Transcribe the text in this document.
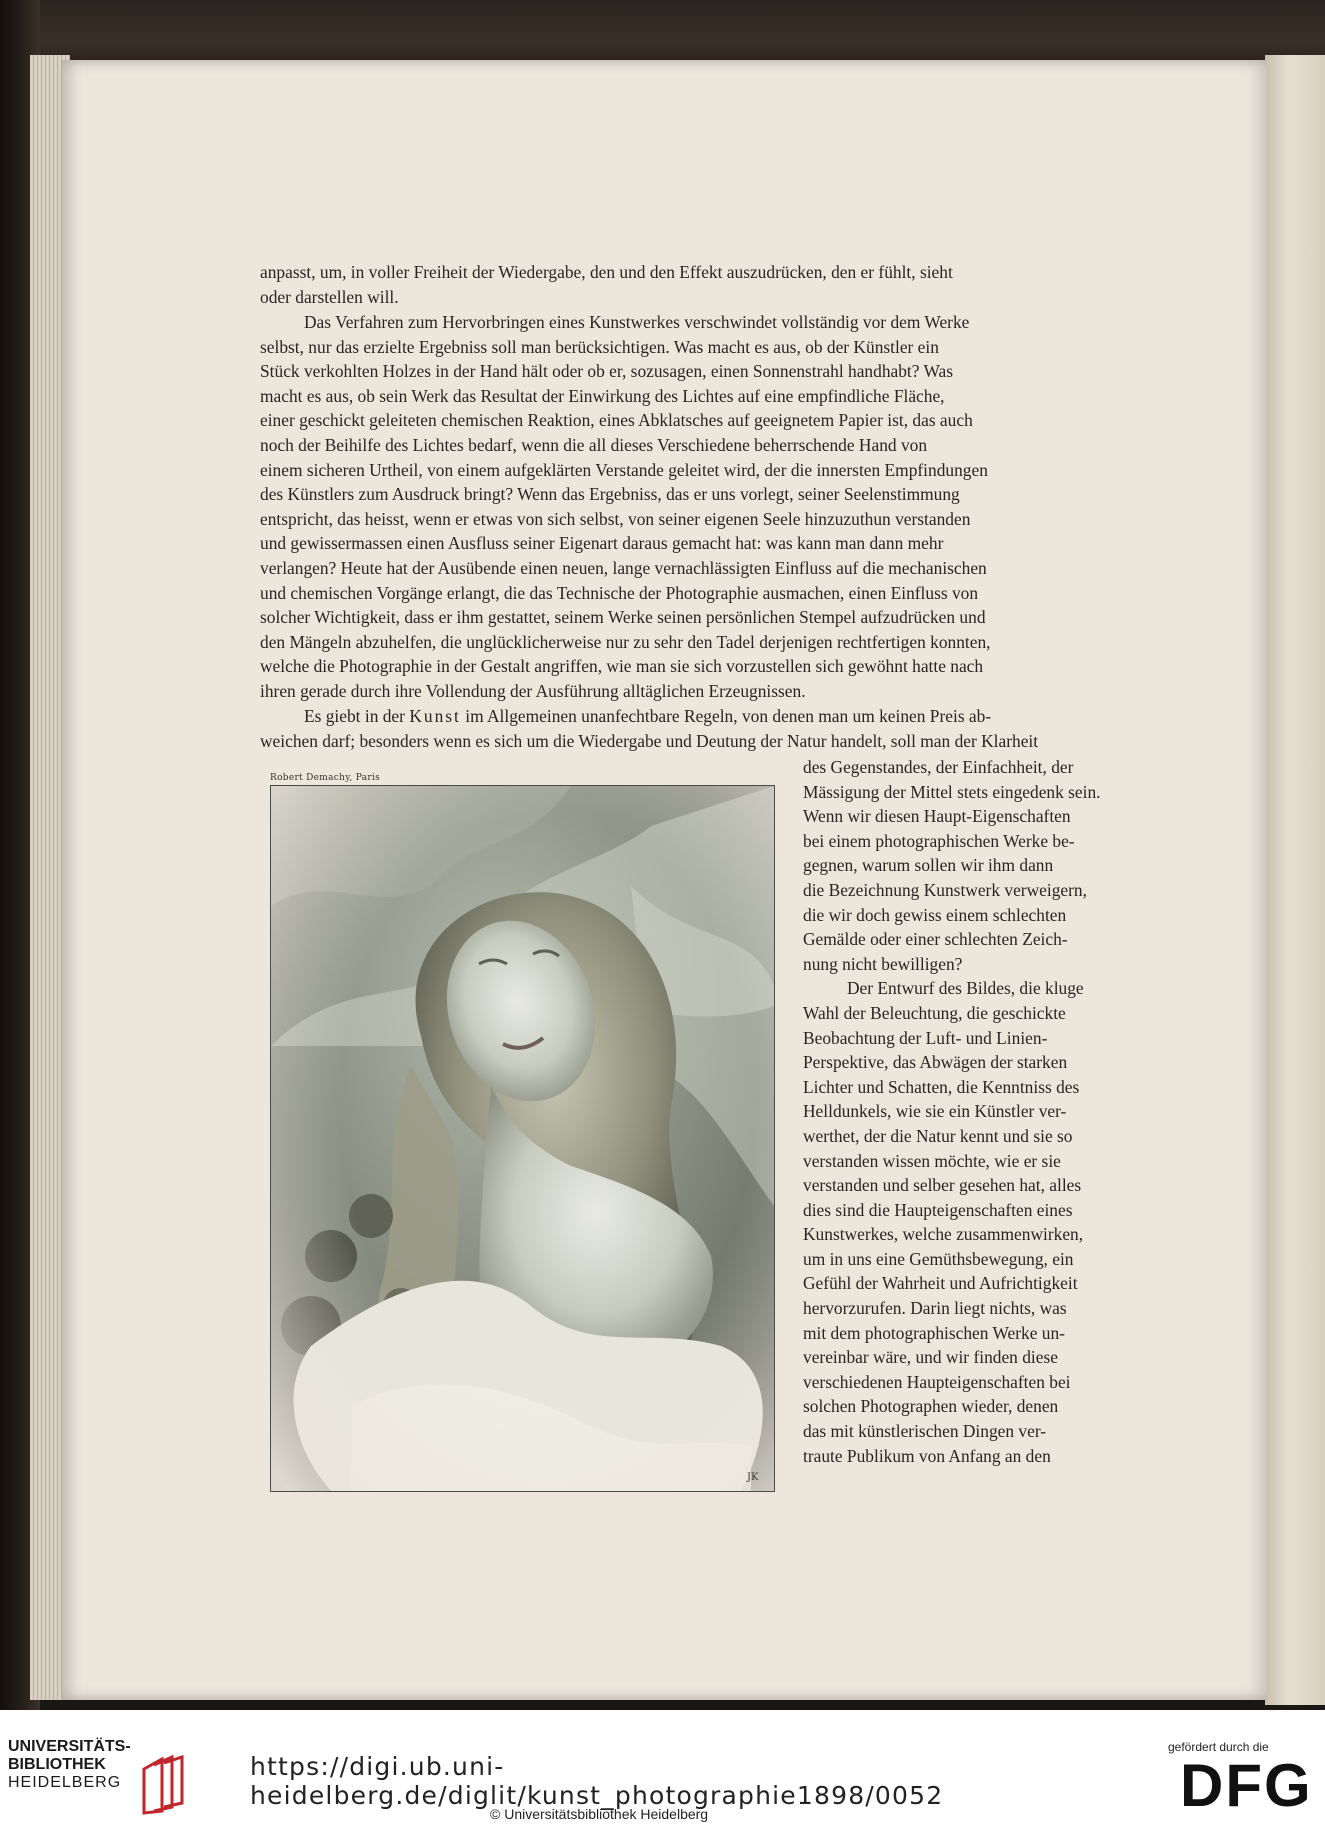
anpasst, um, in voller Freiheit der Wiedergabe, den und den Effekt auszudrücken, den er fühlt, sieht
oder darstellen will.
Das Verfahren zum Hervorbringen eines Kunstwerkes verschwindet vollständig vor dem Werke
selbst, nur das erzielte Ergebniss soll man berücksichtigen. Was macht es aus, ob der Künstler ein
Stück verkohlten Holzes in der Hand hält oder ob er, sozusagen, einen Sonnenstrahl handhabt? Was
macht es aus, ob sein Werk das Resultat der Einwirkung des Lichtes auf eine empfindliche Fläche,
einer geschickt geleiteten chemischen Reaktion, eines Abklatsches auf geeignetem Papier ist, das auch
noch der Beihilfe des Lichtes bedarf, wenn die all dieses Verschiedene beherrschende Hand von
einem sicheren Urtheil, von einem aufgeklärten Verstande geleitet wird, der die innersten Empfindungen
des Künstlers zum Ausdruck bringt? Wenn das Ergebniss, das er uns vorlegt, seiner Seelenstimmung
entspricht, das heisst, wenn er etwas von sich selbst, von seiner eigenen Seele hinzuzuthun verstanden
und gewissermassen einen Ausfluss seiner Eigenart daraus gemacht hat: was kann man dann mehr
verlangen? Heute hat der Ausübende einen neuen, lange vernachlässigten Einfluss auf die mechanischen
und chemischen Vorgänge erlangt, die das Technische der Photographie ausmachen, einen Einfluss von
solcher Wichtigkeit, dass er ihm gestattet, seinem Werke seinen persönlichen Stempel aufzudrücken und
den Mängeln abzuhelfen, die unglücklicherweise nur zu sehr den Tadel derjenigen rechtfertigen konnten,
welche die Photographie in der Gestalt angriffen, wie man sie sich vorzustellen sich gewöhnt hatte nach
ihren gerade durch ihre Vollendung der Ausführung alltäglichen Erzeugnissen.
Es giebt in der Kunst im Allgemeinen unanfechtbare Regeln, von denen man um keinen Preis ab-
weichen darf; besonders wenn es sich um die Wiedergabe und Deutung der Natur handelt, soll man der Klarheit
Robert Demachy, Paris
JK
des Gegenstandes, der Einfachheit, der
Mässigung der Mittel stets eingedenk sein.
Wenn wir diesen Haupt-Eigenschaften
bei einem photographischen Werke be-
gegnen, warum sollen wir ihm dann
die Bezeichnung Kunstwerk verweigern,
die wir doch gewiss einem schlechten
Gemälde oder einer schlechten Zeich-
nung nicht bewilligen?
Der Entwurf des Bildes, die kluge
Wahl der Beleuchtung, die geschickte
Beobachtung der Luft- und Linien-
Perspektive, das Abwägen der starken
Lichter und Schatten, die Kenntniss des
Helldunkels, wie sie ein Künstler ver-
werthet, der die Natur kennt und sie so
verstanden wissen möchte, wie er sie
verstanden und selber gesehen hat, alles
dies sind die Haupteigenschaften eines
Kunstwerkes, welche zusammenwirken,
um in uns eine Gemüthsbewegung, ein
Gefühl der Wahrheit und Aufrichtigkeit
hervorzurufen. Darin liegt nichts, was
mit dem photographischen Werke un-
vereinbar wäre, und wir finden diese
verschiedenen Haupteigenschaften bei
solchen Photographen wieder, denen
das mit künstlerischen Dingen ver-
traute Publikum von Anfang an den
UNIVERSITÄTS-
BIBLIOTHEK
HEIDELBERG
https://digi.ub.uni-heidelberg.de/diglit/kunst_photographie1898/0052
© Universitätsbibliothek Heidelberg
gefördert durch die
DFG
